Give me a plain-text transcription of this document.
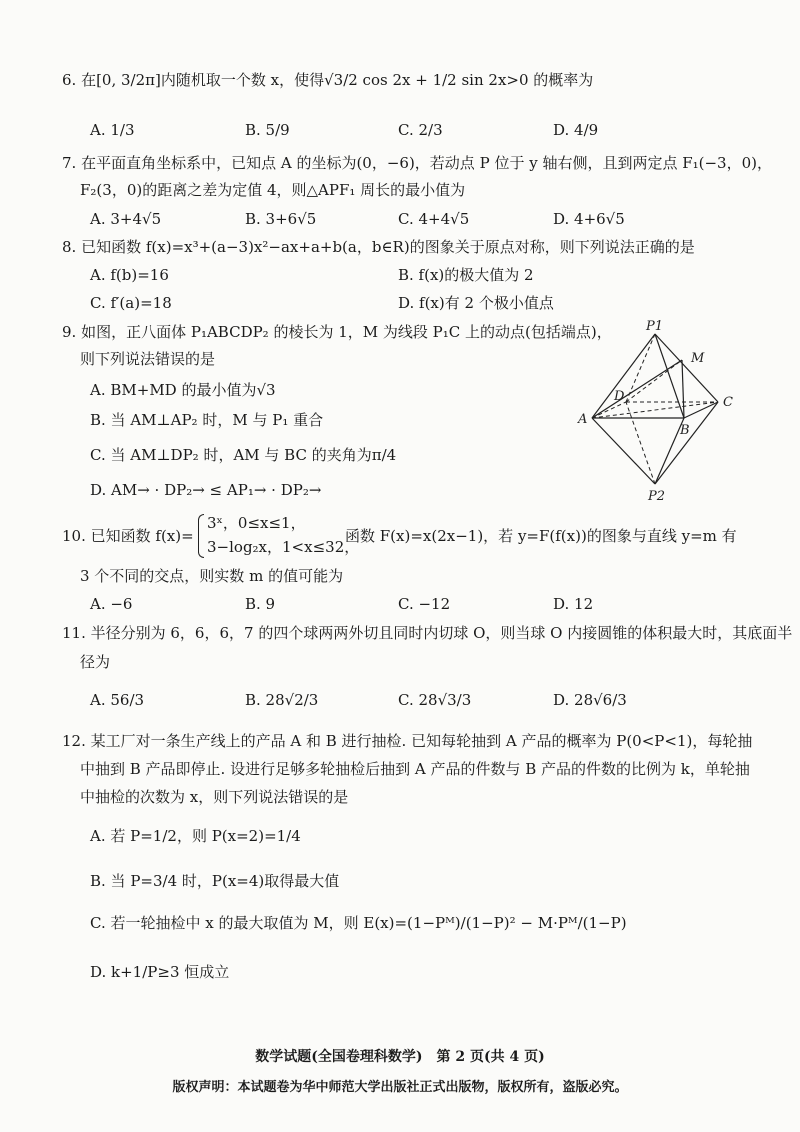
6. 在[0, 3/2π]内随机取一个数 x，使得√3/2 cos 2x + 1/2 sin 2x>0 的概率为
A. 1/3	B. 5/9	C. 2/3	D. 4/9
7. 在平面直角坐标系中，已知点 A 的坐标为(0，−6)，若动点 P 位于 y 轴右侧，且到两定点 F₁(−3，0)，
F₂(3，0)的距离之差为定值 4，则△APF₁ 周长的最小值为
A. 3+4√5	B. 3+6√5	C. 4+4√5	D. 4+6√5
8. 已知函数 f(x)=x³+(a−3)x²−ax+a+b(a，b∈R)的图象关于原点对称，则下列说法正确的是
A. f(b)=16	B. f(x)的极大值为 2
C. f′(a)=18	D. f(x)有 2 个极小值点
9. 如图，正八面体 P₁ABCDP₂ 的棱长为 1，M 为线段 P₁C 上的动点(包括端点)，
则下列说法错误的是
A. BM+MD 的最小值为√3
B. 当 AM⊥AP₂ 时，M 与 P₁ 重合
C. 当 AM⊥DP₂ 时，AM 与 BC 的夹角为π/4
D. AM→ · DP₂→ ≤ AP₁→ · DP₂→
P1
P2
A
B
C
D
M
10. 已知函数 f(x)=
3ˣ，0≤x≤1，
3−log₂x，1<x≤32，
函数 F(x)=x(2x−1)，若 y=F(f(x))的图象与直线 y=m 有
3 个不同的交点，则实数 m 的值可能为
A. −6	B. 9	C. −12	D. 12
11. 半径分别为 6，6，6，7 的四个球两两外切且同时内切球 O，则当球 O 内接圆锥的体积最大时，其底面半
径为
A. 56/3	B. 28√2/3	C. 28√3/3	D. 28√6/3
12. 某工厂对一条生产线上的产品 A 和 B 进行抽检. 已知每轮抽到 A 产品的概率为 P(0<P<1)，每轮抽
中抽到 B 产品即停止. 设进行足够多轮抽检后抽到 A 产品的件数与 B 产品的件数的比例为 k，单轮抽
中抽检的次数为 x，则下列说法错误的是
A. 若 P=1/2，则 P(x=2)=1/4
B. 当 P=3/4 时，P(x=4)取得最大值
C. 若一轮抽检中 x 的最大取值为 M，则 E(x)=(1−Pᴹ)/(1−P)² − M·Pᴹ/(1−P)
D. k+1/P≥3 恒成立
数学试题(全国卷理科数学)　第 2 页(共 4 页)
版权声明：本试题卷为华中师范大学出版社正式出版物，版权所有，盗版必究。
